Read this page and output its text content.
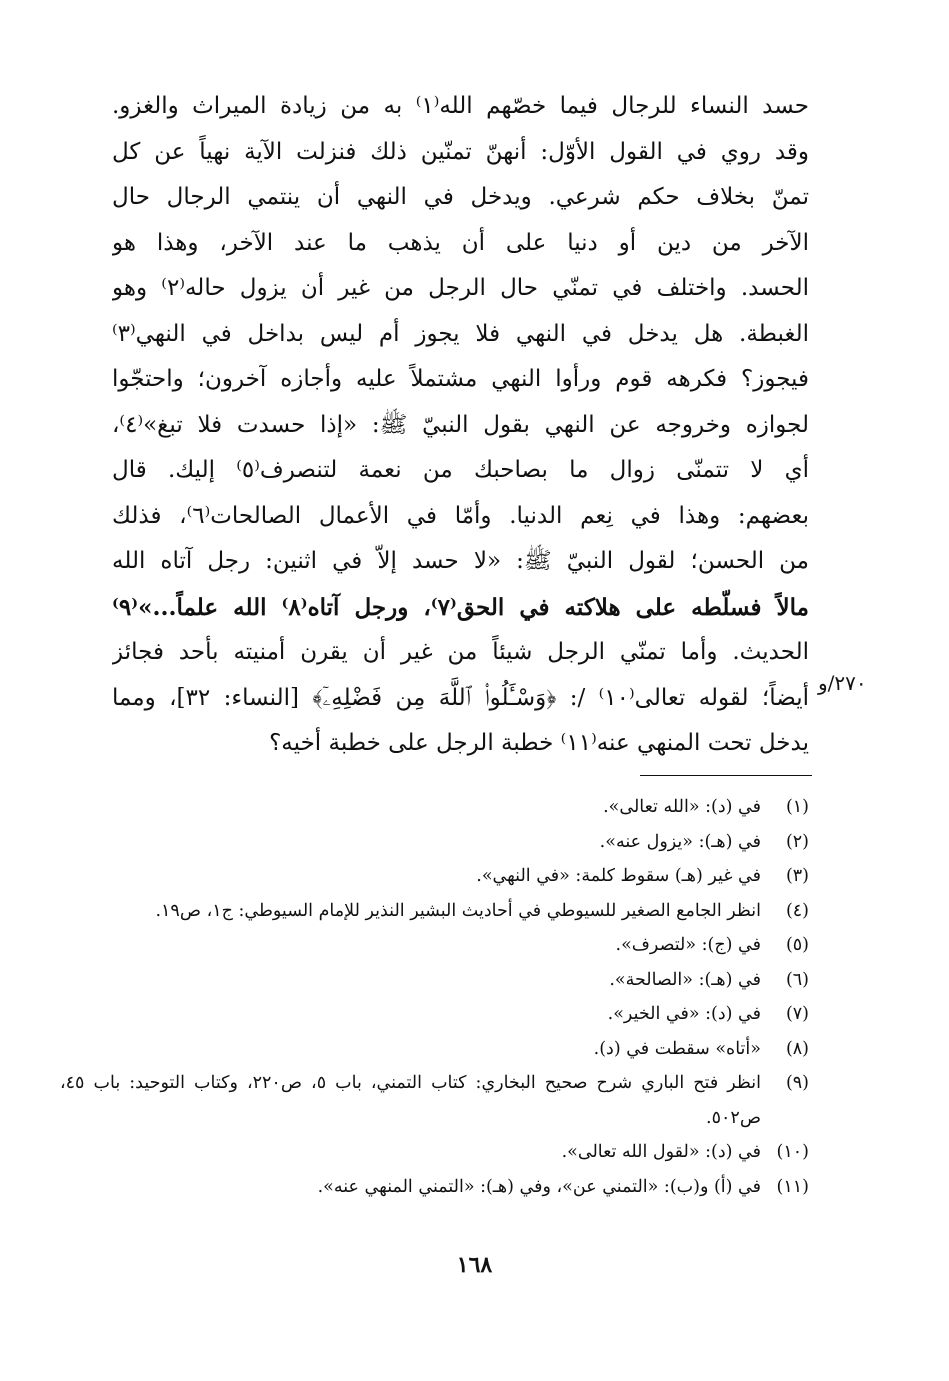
حسد النساء للرجال فيما خصّهم الله⁽١⁾ به من زيادة الميراث والغزو.
وقد روي في القول الأوّل: أنهنّ تمنّين ذلك فنزلت الآية نهياً عن كل
تمنّ بخلاف حكم شرعي. ويدخل في النهي أن ينتمي الرجال حال
الآخر من دين أو دنيا على أن يذهب ما عند الآخر، وهذا هو
الحسد. واختلف في تمنّي حال الرجل من غير أن يزول حاله⁽٢⁾ وهو
الغبطة. هل يدخل في النهي فلا يجوز أم ليس بداخل في النهي⁽٣⁾
فيجوز؟ فكرهه قوم ورأوا النهي مشتملاً عليه وأجازه آخرون؛ واحتجّوا
لجوازه وخروجه عن النهي بقول النبيّ ﷺ: «إذا حسدت فلا تبغ»⁽٤⁾،
أي لا تتمنّى زوال ما بصاحبك من نعمة لتنصرف⁽٥⁾ إليك. قال
بعضهم: وهذا في نِعم الدنيا. وأمّا في الأعمال الصالحات⁽٦⁾، فذلك
من الحسن؛ لقول النبيّ ﷺ: «لا حسد إلاّ في اثنين: رجل آتاه الله
مالاً فسلّطه على هلاكته في الحق⁽٧⁾، ورجل آتاه⁽٨⁾ الله علماً...»⁽٩⁾
الحديث. وأما تمنّي الرجل شيئاً من غير أن يقرن أمنيته بأحد فجائز
أيضاً؛ لقوله تعالى⁽١٠⁾ /: ﴿وَسْـَٔلُوا۟ ٱللَّهَ مِن فَضْلِهِۦٓ﴾ [النساء: ٣٢]، ومما
يدخل تحت المنهي عنه⁽١١⁾ خطبة الرجل على خطبة أخيه؟
٢٧٠/و
(١)
في (د): «الله تعالى».
(٢)
في (هـ): «يزول عنه».
(٣)
في غير (هـ) سقوط كلمة: «في النهي».
(٤)
انظر الجامع الصغير للسيوطي في أحاديث البشير النذير للإمام السيوطي: ج١، ص١٩.
(٥)
في (ج): «لتصرف».
(٦)
في (هـ): «الصالحة».
(٧)
في (د): «في الخير».
(٨)
«أتاه» سقطت في (د).
(٩)
انظر فتح الباري شرح صحيح البخاري: كتاب التمني، باب ٥، ص٢٢٠، وكتاب التوحيد: باب ٤٥، ص٥٠٢.
(١٠)
في (د): «لقول الله تعالى».
(١١)
في (أ) و(ب): «التمني عن»، وفي (هـ): «التمني المنهي عنه».
١٦٨
